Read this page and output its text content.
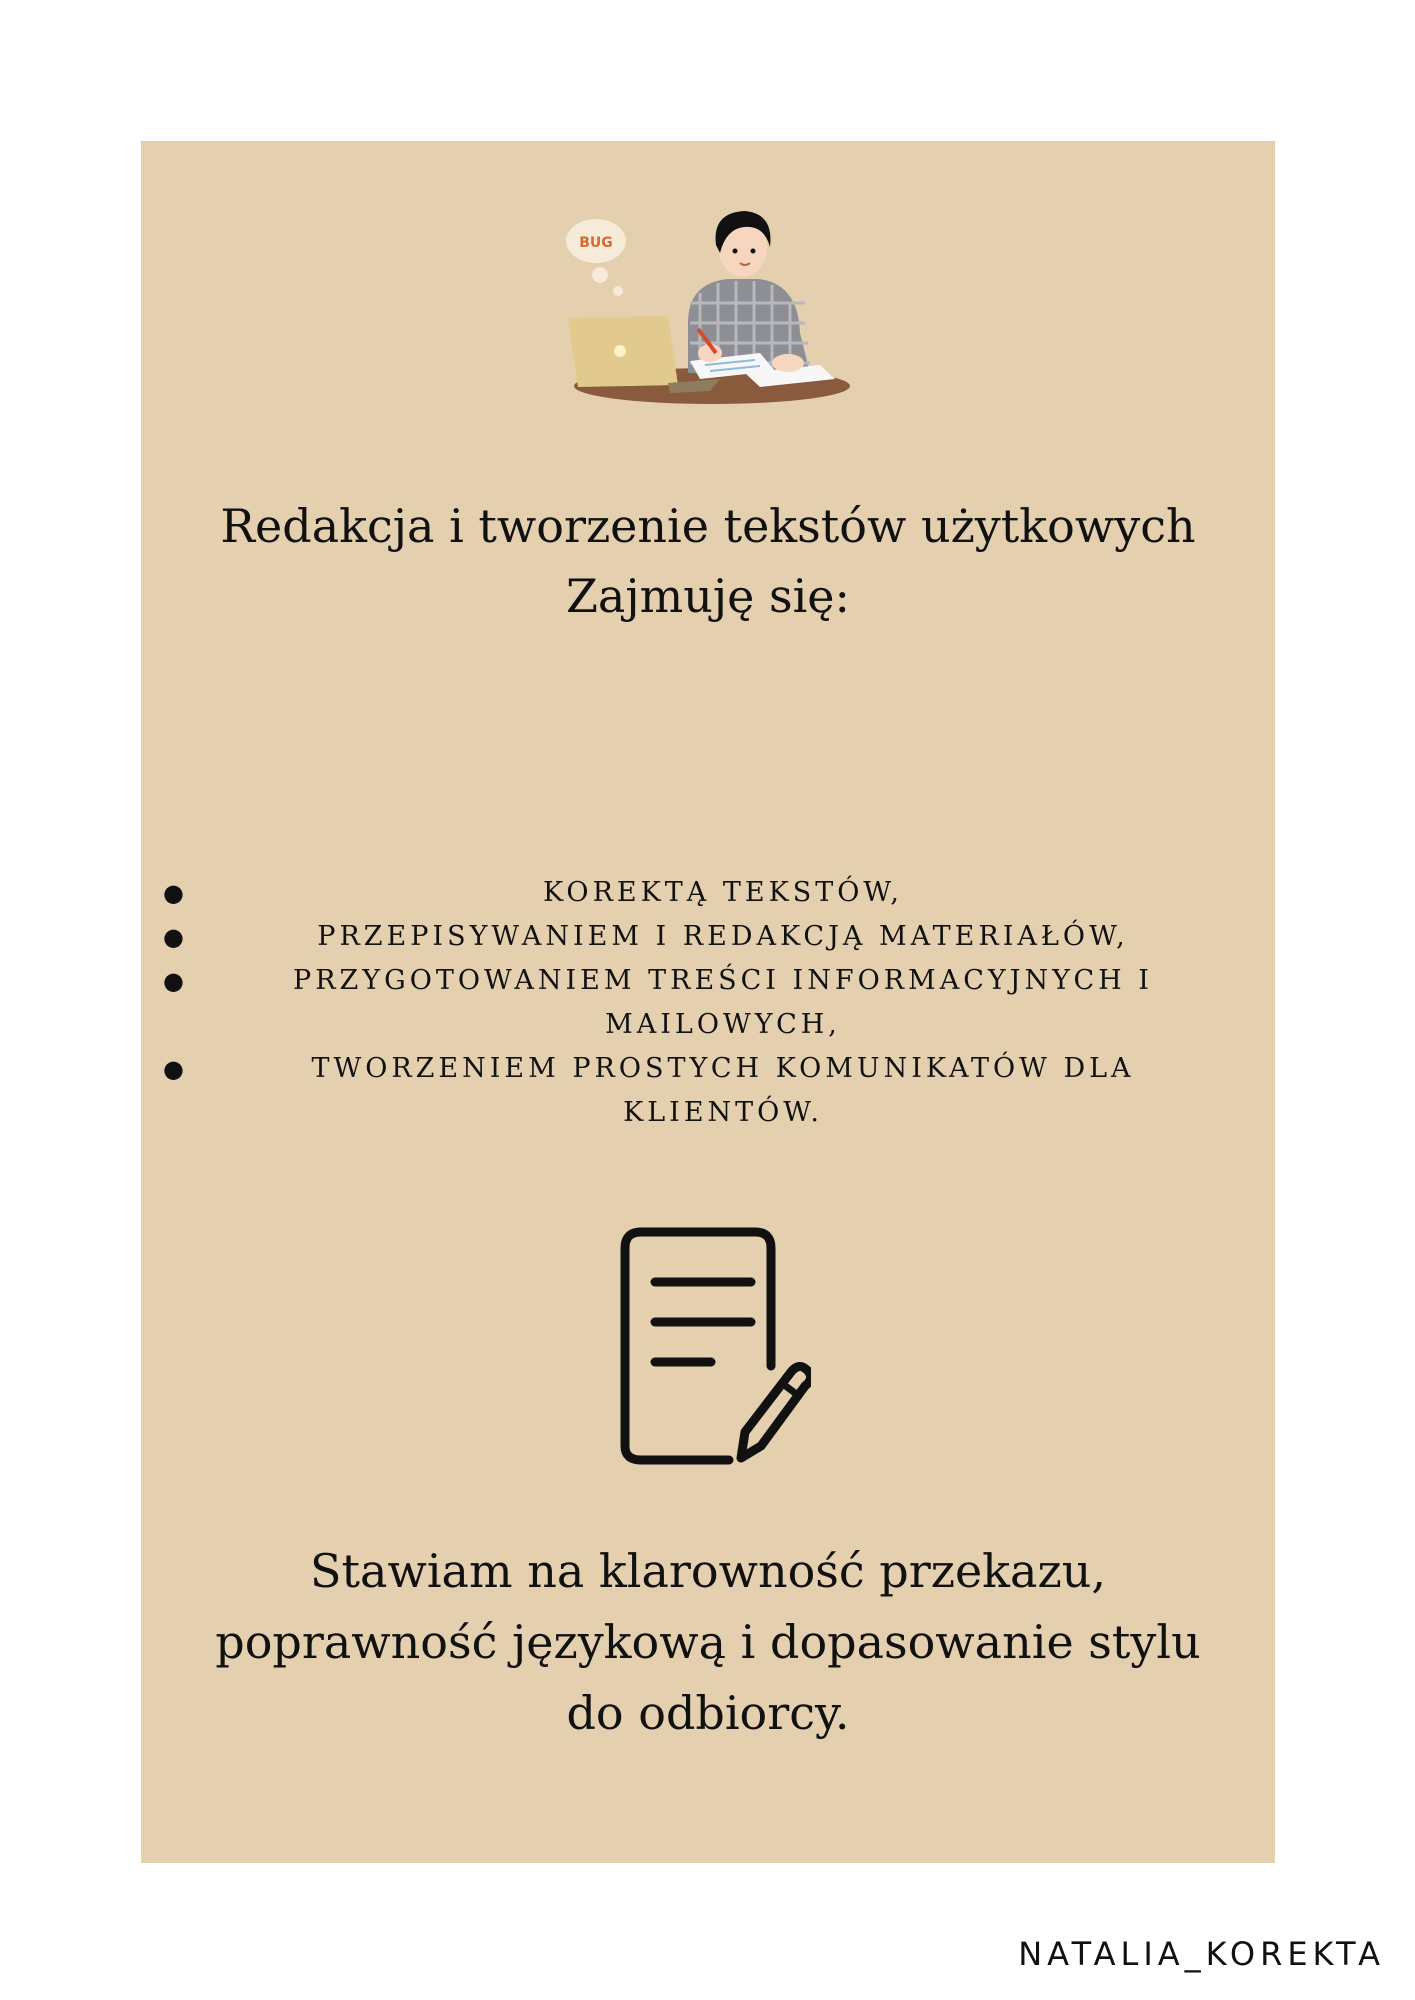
BUG
Redakcja i tworzenie tekstów użytkowych
Zajmuję się:
●	KOREKTĄ TEKSTÓW,
●	PRZEPISYWANIEM I REDAKCJĄ MATERIAŁÓW,
●	PRZYGOTOWANIEM TREŚCI INFORMACYJNYCH I MAILOWYCH,
●	TWORZENIEM PROSTYCH KOMUNIKATÓW DLA KLIENTÓW.

Stawiam na klarowność przekazu,
poprawność językową i dopasowanie stylu
do odbiorcy.

NATALIA_KOREKTA
